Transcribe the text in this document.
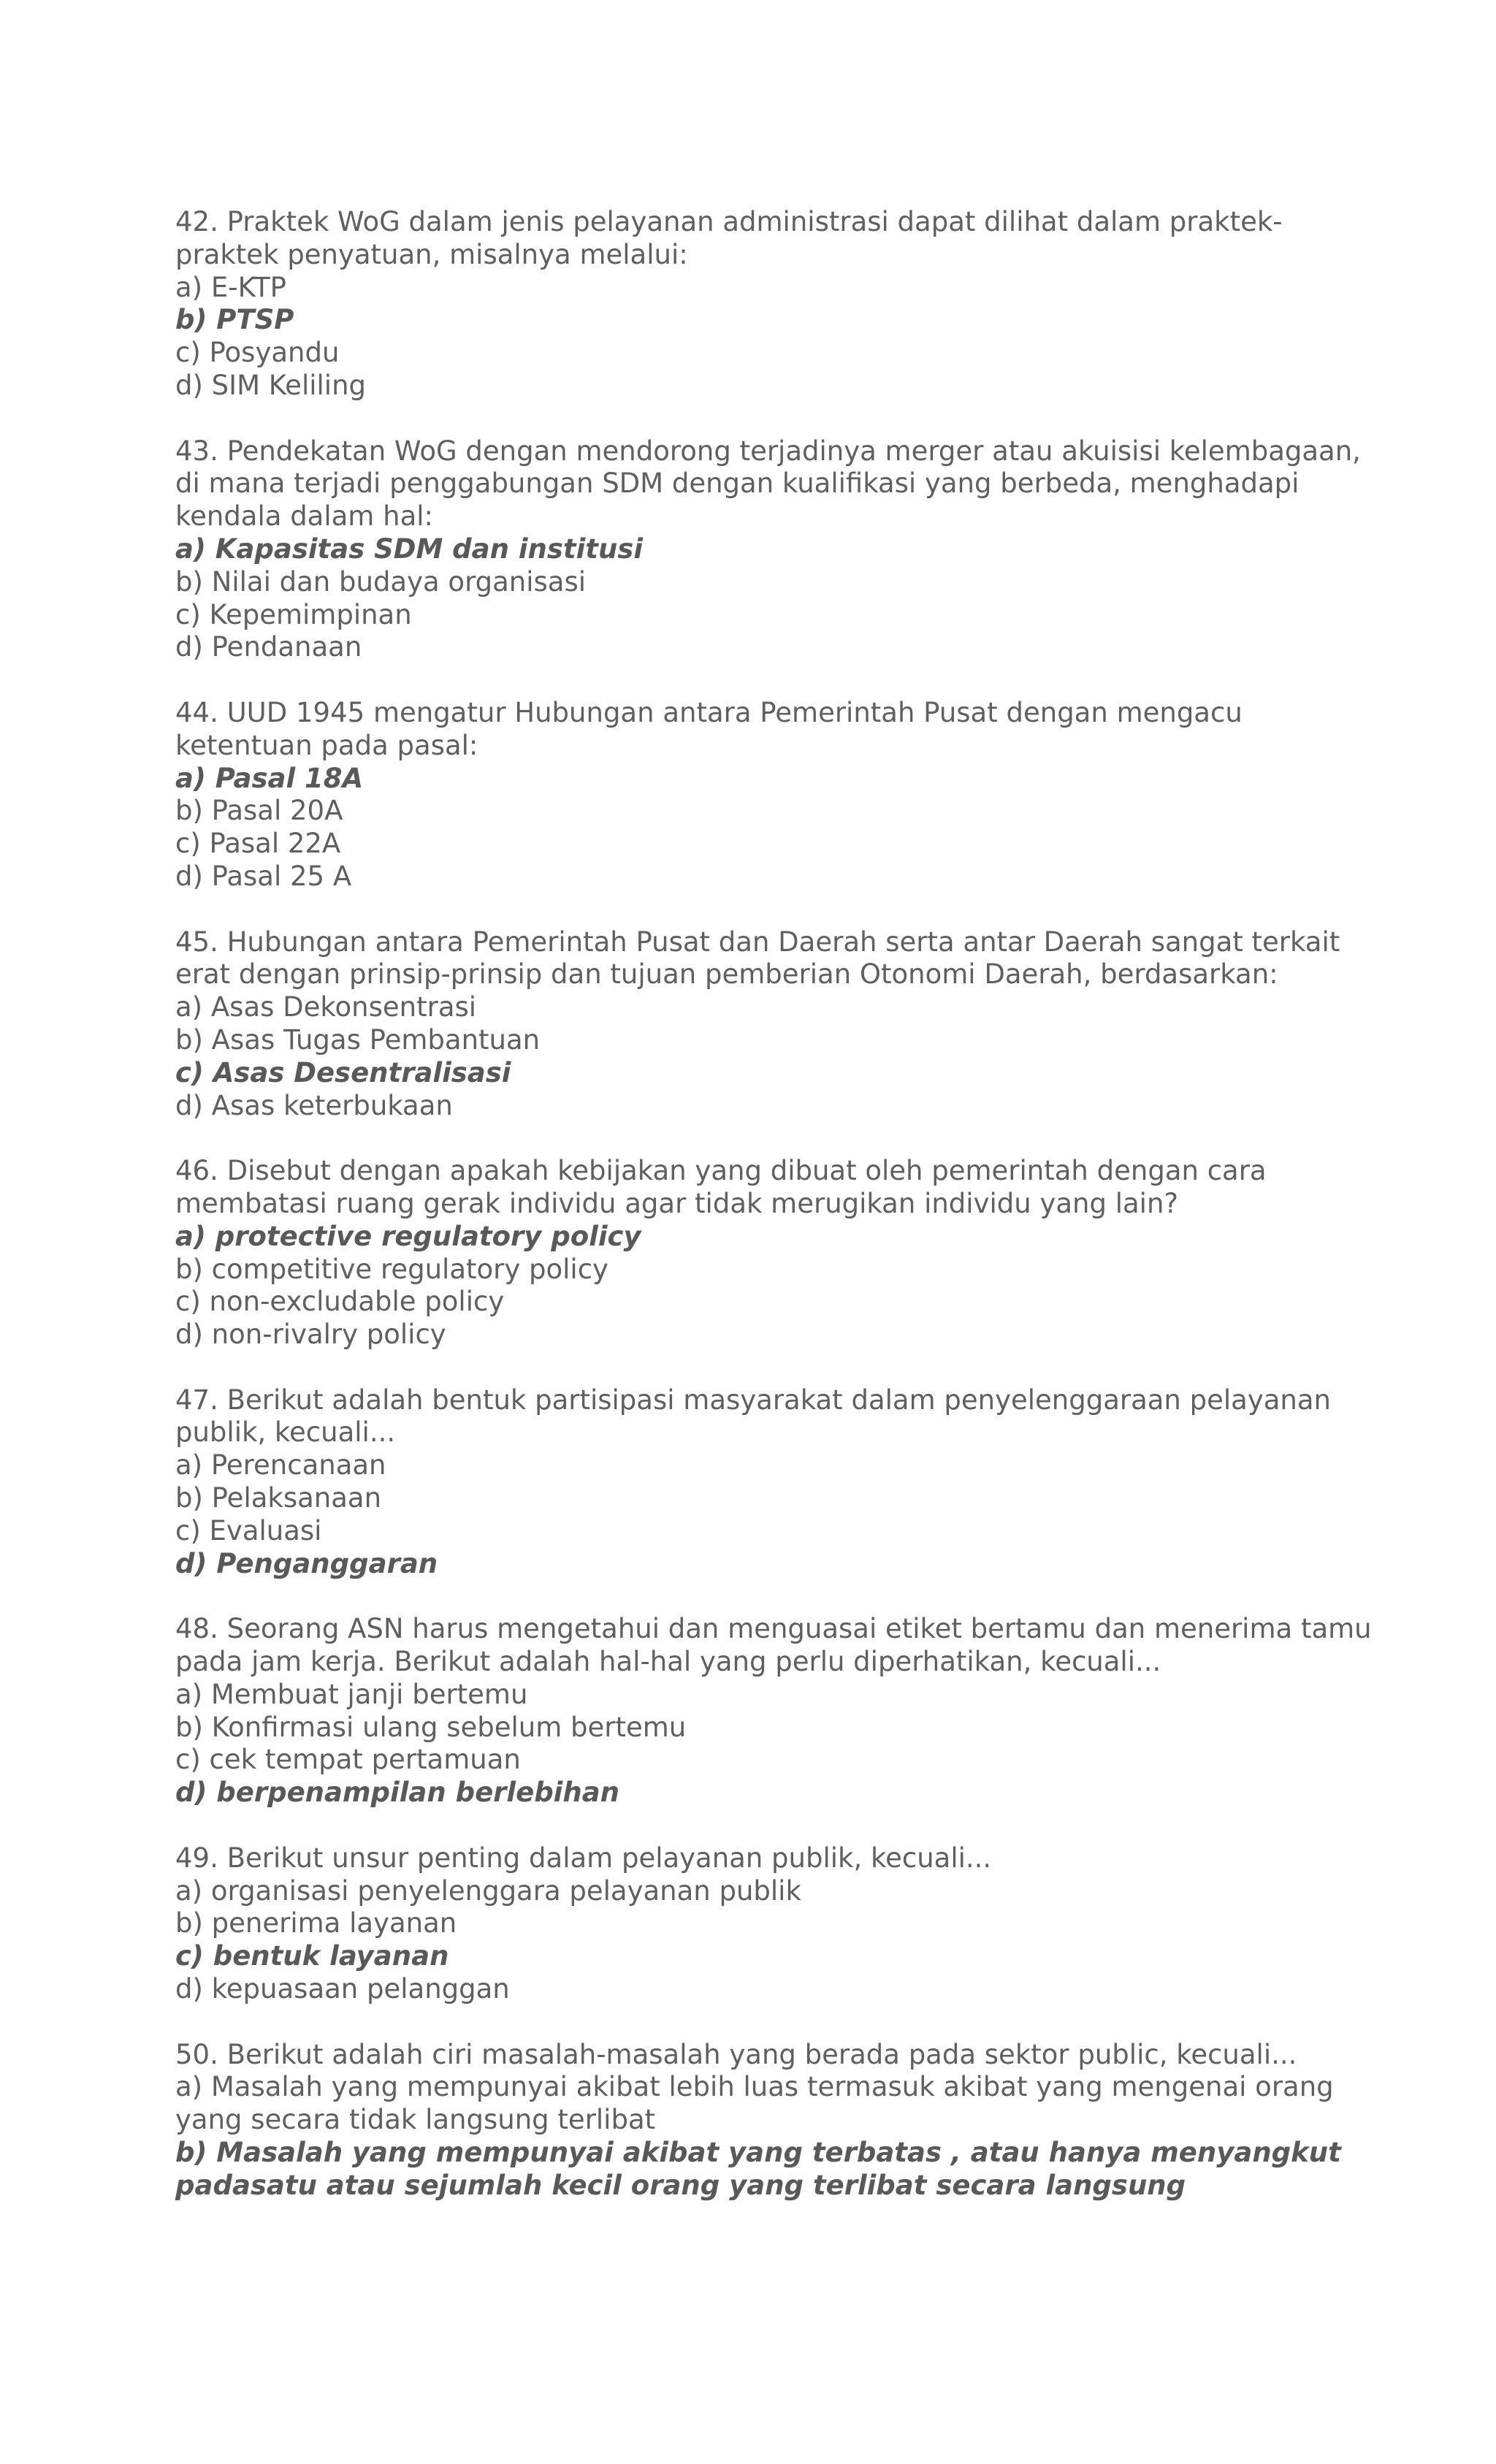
42. Praktek WoG dalam jenis pelayanan administrasi dapat dilihat dalam praktek-praktek penyatuan, misalnya melalui:
a) E-KTP
b) PTSP
c) Posyandu
d) SIM Keliling
43. Pendekatan WoG dengan mendorong terjadinya merger atau akuisisi kelembagaan, di mana terjadi penggabungan SDM dengan kualifikasi yang berbeda, menghadapi kendala dalam hal:
a) Kapasitas SDM dan institusi
b) Nilai dan budaya organisasi
c) Kepemimpinan
d) Pendanaan
44. UUD 1945 mengatur Hubungan antara Pemerintah Pusat dengan mengacu ketentuan pada pasal:
a) Pasal 18A
b) Pasal 20A
c) Pasal 22A
d) Pasal 25 A
45. Hubungan antara Pemerintah Pusat dan Daerah serta antar Daerah sangat terkait erat dengan prinsip-prinsip dan tujuan pemberian Otonomi Daerah, berdasarkan:
a) Asas Dekonsentrasi
b) Asas Tugas Pembantuan
c) Asas Desentralisasi
d) Asas keterbukaan
46. Disebut dengan apakah kebijakan yang dibuat oleh pemerintah dengan cara membatasi ruang gerak individu agar tidak merugikan individu yang lain?
a) protective regulatory policy
b) competitive regulatory policy
c) non-excludable policy
d) non-rivalry policy
47. Berikut adalah bentuk partisipasi masyarakat dalam penyelenggaraan pelayanan publik, kecuali...
a) Perencanaan
b) Pelaksanaan
c) Evaluasi
d) Penganggaran
48. Seorang ASN harus mengetahui dan menguasai etiket bertamu dan menerima tamu pada jam kerja. Berikut adalah hal-hal yang perlu diperhatikan, kecuali...
a) Membuat janji bertemu
b) Konfirmasi ulang sebelum bertemu
c) cek tempat pertamuan
d) berpenampilan berlebihan
49. Berikut unsur penting dalam pelayanan publik, kecuali...
a) organisasi penyelenggara pelayanan publik
b) penerima layanan
c) bentuk layanan
d) kepuasaan pelanggan
50. Berikut adalah ciri masalah-masalah yang berada pada sektor public, kecuali...
a) Masalah yang mempunyai akibat lebih luas termasuk akibat yang mengenai orang yang secara tidak langsung terlibat
b) Masalah yang mempunyai akibat yang terbatas , atau hanya menyangkut padasatu atau sejumlah kecil orang yang terlibat secara langsung
